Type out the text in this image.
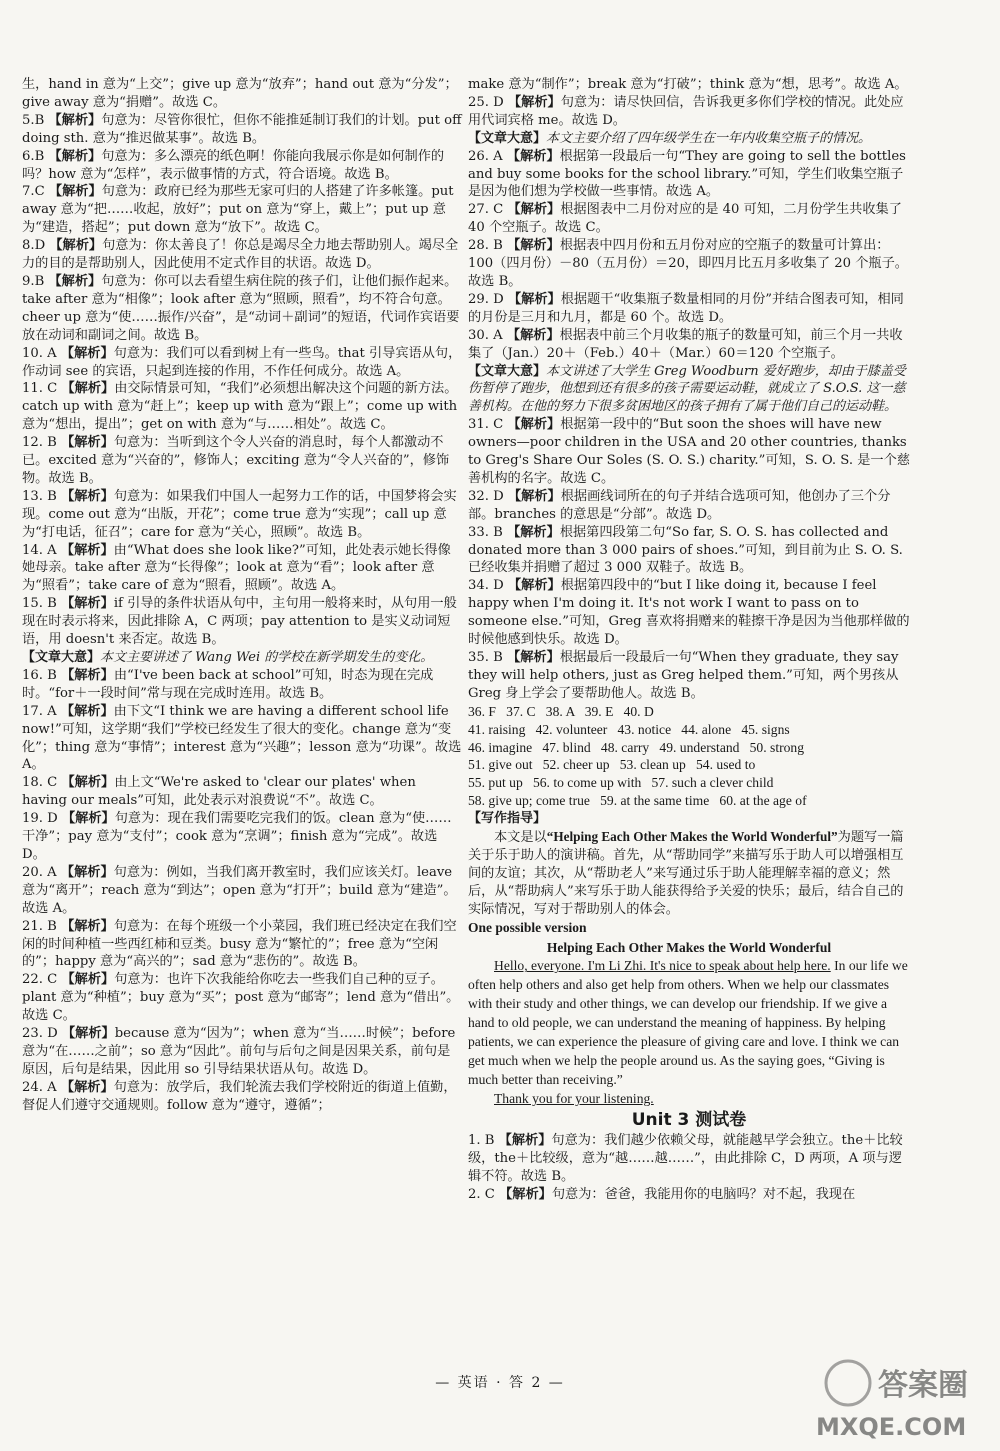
生，hand in 意为“上交”；give up 意为“放弃”；hand out 意为“分发”；give away 意为“捐赠”。故选 C。

5.B 【解析】句意为：尽管你很忙，但你不能推延制订我们的计划。put off doing sth. 意为“推迟做某事”。故选 B。

6.B 【解析】句意为：多么漂亮的纸色啊！你能向我展示你是如何制作的吗？how 意为“怎样”，表示做事情的方式，符合语境。故选 B。

7.C 【解析】句意为：政府已经为那些无家可归的人搭建了许多帐篷。put away 意为“把……收起，放好”；put on 意为“穿上，戴上”；put up 意为“建造，搭起”；put down 意为“放下”。故选 C。

8.D 【解析】句意为：你太善良了！你总是竭尽全力地去帮助别人。竭尽全力的目的是帮助别人，因此使用不定式作目的状语。故选 D。

9.B 【解析】句意为：你可以去看望生病住院的孩子们，让他们振作起来。take after 意为“相像”；look after 意为“照顾，照看”，均不符合句意。cheer up 意为“使……振作/兴奋”，是“动词＋副词”的短语，代词作宾语要放在动词和副词之间。故选 B。

10. A 【解析】句意为：我们可以看到树上有一些鸟。that 引导宾语从句，作动词 see 的宾语，只起到连接的作用，不作任何成分。故选 A。

11. C 【解析】由交际情景可知，“我们”必须想出解决这个问题的新方法。catch up with 意为“赶上”；keep up with 意为“跟上”；come up with 意为“想出，提出”；get on with 意为“与……相处”。故选 C。

12. B 【解析】句意为：当听到这个令人兴奋的消息时，每个人都激动不已。excited 意为“兴奋的”，修饰人；exciting 意为“令人兴奋的”，修饰物。故选 B。

13. B 【解析】句意为：如果我们中国人一起努力工作的话，中国梦将会实现。come out 意为“出版，开花”；come true 意为“实现”；call up 意为“打电话，征召”；care for 意为“关心，照顾”。故选 B。

14. A 【解析】由“What does she look like?”可知，此处表示她长得像她母亲。take after 意为“长得像”；look at 意为“看”；look after 意为“照看”；take care of 意为“照看，照顾”。故选 A。

15. B 【解析】if 引导的条件状语从句中，主句用一般将来时，从句用一般现在时表示将来，因此排除 A，C 两项；pay attention to 是实义动词短语，用 doesn't 来否定。故选 B。

【文章大意】本文主要讲述了 Wang Wei 的学校在新学期发生的变化。

16. B 【解析】由“I've been back at school”可知，时态为现在完成时。“for＋一段时间”常与现在完成时连用。故选 B。

17. A 【解析】由下文“I think we are having a different school life now!”可知，这学期“我们”学校已经发生了很大的变化。change 意为“变化”；thing 意为“事情”；interest 意为“兴趣”；lesson 意为“功课”。故选 A。

18. C 【解析】由上文“We're asked to 'clear our plates' when having our meals”可知，此处表示对浪费说“不”。故选 C。

19. D 【解析】句意为：现在我们需要吃完我们的饭。clean 意为“使……干净”；pay 意为“支付”；cook 意为“烹调”；finish 意为“完成”。故选 D。

20. A 【解析】句意为：例如，当我们离开教室时，我们应该关灯。leave 意为“离开”；reach 意为“到达”；open 意为“打开”；build 意为“建造”。故选 A。

21. B 【解析】句意为：在每个班级一个小菜园，我们班已经决定在我们空闲的时间种植一些西红柿和豆类。busy 意为“繁忙的”；free 意为“空闲的”；happy 意为“高兴的”；sad 意为“悲伤的”。故选 B。

22. C 【解析】句意为：也许下次我能给你吃去一些我们自己种的豆子。plant 意为“种植”；buy 意为“买”；post 意为“邮寄”；lend 意为“借出”。故选 C。

23. D 【解析】because 意为“因为”；when 意为“当……时候”；before 意为“在……之前”；so 意为“因此”。前句与后句之间是因果关系，前句是原因，后句是结果，因此用 so 引导结果状语从句。故选 D。

24. A 【解析】句意为：放学后，我们轮流去我们学校附近的街道上值勤，督促人们遵守交通规则。follow 意为“遵守，遵循”；

make 意为“制作”；break 意为“打破”；think 意为“想，思考”。故选 A。

25. D 【解析】句意为：请尽快回信，告诉我更多你们学校的情况。此处应用代词宾格 me。故选 D。

【文章大意】本文主要介绍了四年级学生在一年内收集空瓶子的情况。

26. A 【解析】根据第一段最后一句“They are going to sell the bottles and buy some books for the school library.”可知，学生们收集空瓶子是因为他们想为学校做一些事情。故选 A。

27. C 【解析】根据图表中二月份对应的是 40 可知，二月份学生共收集了 40 个空瓶子。故选 C。

28. B 【解析】根据表中四月份和五月份对应的空瓶子的数量可计算出：100（四月份）－80（五月份）＝20，即四月比五月多收集了 20 个瓶子。故选 B。

29. D 【解析】根据题干“收集瓶子数量相同的月份”并结合图表可知，相同的月份是三月和九月，都是 60 个。故选 D。

30. A 【解析】根据表中前三个月收集的瓶子的数量可知，前三个月一共收集了（Jan.）20＋（Feb.）40＋（Mar.）60＝120 个空瓶子。

【文章大意】本文讲述了大学生 Greg Woodburn 爱好跑步，却由于膝盖受伤暂停了跑步，他想到还有很多的孩子需要运动鞋，就成立了 S.O.S. 这一慈善机构。在他的努力下很多贫困地区的孩子拥有了属于他们自己的运动鞋。

31. C 【解析】根据第一段中的“But soon the shoes will have new owners—poor children in the USA and 20 other countries, thanks to Greg's Share Our Soles (S. O. S.) charity.”可知，S. O. S. 是一个慈善机构的名字。故选 C。

32. D 【解析】根据画线词所在的句子并结合选项可知，他创办了三个分部。branches 的意思是“分部”。故选 D。

33. B 【解析】根据第四段第二句“So far, S. O. S. has collected and donated more than 3 000 pairs of shoes.”可知，到目前为止 S. O. S. 已经收集并捐赠了超过 3 000 双鞋子。故选 B。

34. D 【解析】根据第四段中的“but I like doing it, because I feel happy when I'm doing it. It's not work I want to pass on to someone else.”可知，Greg 喜欢将捐赠来的鞋擦干净是因为当他那样做的时候他感到快乐。故选 D。

35. B 【解析】根据最后一段最后一句“When they graduate, they say they will help others, just as Greg helped them.”可知，两个男孩从 Greg 身上学会了要帮助他人。故选 B。

36. F   37. C   38. A   39. E   40. D

41. raising   42. volunteer   43. notice   44. alone   45. signs

46. imagine   47. blind   48. carry   49. understand   50. strong

51. give out   52. cheer up   53. clean up   54. used to

55. put up   56. to come up with   57. such a clever child

58. give up; come true   59. at the same time   60. at the age of

【写作指导】

本文是以“Helping Each Other Makes the World Wonderful”为题写一篇关于乐于助人的演讲稿。首先，从“帮助同学”来描写乐于助人可以增强相互间的友谊；其次，从“帮助老人”来写通过乐于助人能理解幸福的意义；然后，从“帮助病人”来写乐于助人能获得给予关爱的快乐；最后，结合自己的实际情况，写对于帮助别人的体会。

One possible version

Helping Each Other Makes the World Wonderful

Hello, everyone. I'm Li Zhi. It's nice to speak about help here. In our life we often help others and also get help from others. When we help our classmates with their study and other things, we can develop our friendship. If we give a hand to old people, we can understand the meaning of happiness. By helping patients, we can experience the pleasure of giving care and love. I think we can get much when we help the people around us. As the saying goes, “Giving is much better than receiving.”

Thank you for your listening.

Unit 3 测试卷

1. B 【解析】句意为：我们越少依赖父母，就能越早学会独立。the＋比较级，the＋比较级，意为“越……越……”，由此排除 C，D 两项，A 项与逻辑不符。故选 B。

2. C 【解析】句意为：爸爸，我能用你的电脑吗？对不起，我现在

— 英语 · 答 2 —	答案圈
MXQE.COM
